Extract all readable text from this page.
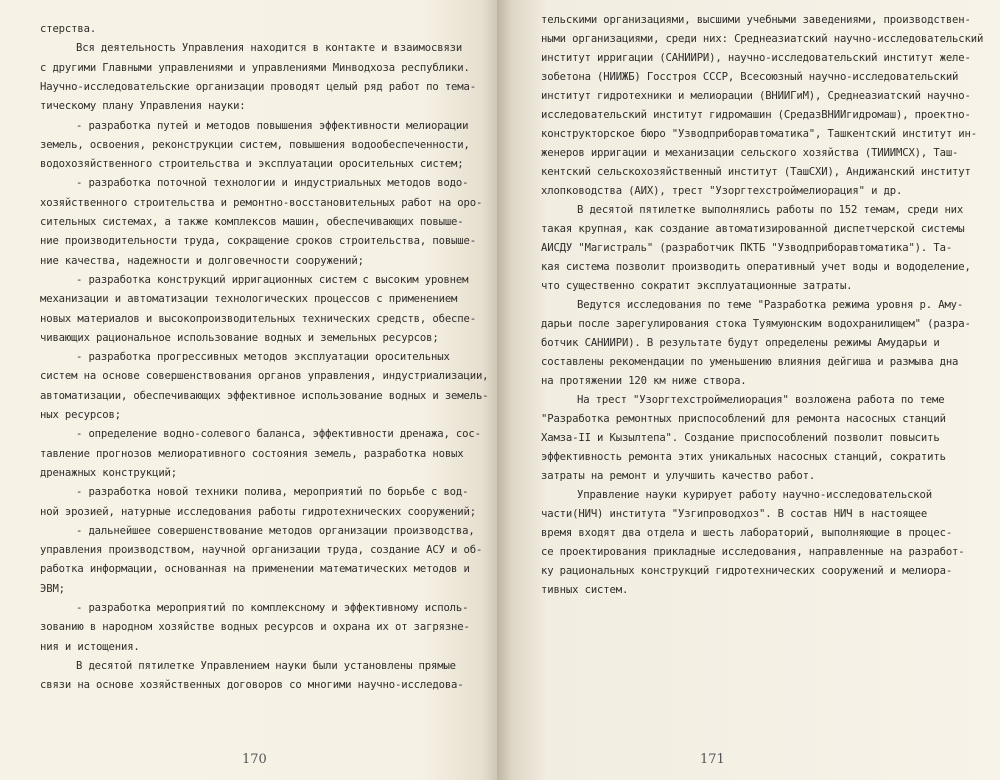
стерства.
Вся деятельность Управления находится в контакте и взаимосвязи
с другими Главными управлениями и управлениями Минводхоза республики.
Научно-исследовательские организации проводят целый ряд работ по тема-
тическому плану Управления науки:
- разработка путей и методов повышения эффективности мелиорации
земель, освоения, реконструкции систем, повышения водообеспеченности,
водохозяйственного строительства и эксплуатации оросительных систем;
- разработка поточной технологии и индустриальных методов водо-
хозяйственного строительства и ремонтно-восстановительных работ на оро-
сительных системах, а также комплексов машин, обеспечивающих повыше-
ние производительности труда, сокращение сроков строительства, повыше-
ние качества, надежности и долговечности сооружений;
- разработка конструкций ирригационных систем с высоким уровнем
механизации и автоматизации технологических процессов с применением
новых материалов и высокопроизводительных технических средств, обеспе-
чивающих рациональное использование водных и земельных ресурсов;
- разработка прогрессивных методов эксплуатации оросительных
систем на основе совершенствования органов управления, индустриализации,
автоматизации, обеспечивающих эффективное использование водных и земель-
ных ресурсов;
- определение водно-солевого баланса, эффективности дренажа, сос-
тавление прогнозов мелиоративного состояния земель, разработка новых
дренажных конструкций;
- разработка новой техники полива, мероприятий по борьбе с вод-
ной эрозией, натурные исследования работы гидротехнических сооружений;
- дальнейшее совершенствование методов организации производства,
управления производством, научной организации труда, создание АСУ и об-
работка информации, основанная на применении математических методов и
ЭВМ;
- разработка мероприятий по комплексному и эффективному исполь-
зованию в народном хозяйстве водных ресурсов и охрана их от загрязне-
ния и истощения.
В десятой пятилетке Управлением науки были установлены прямые
связи на основе хозяйственных договоров со многими научно-исследова-
170
тельскими организациями, высшими учебными заведениями, производствен-
ными организациями, среди них: Среднеазиатский научно-исследовательский
институт ирригации (САНИИРИ), научно-исследовательский институт желе-
зобетона (НИИЖБ) Госстроя СССР, Всесоюзный научно-исследовательский
институт гидротехники и мелиорации (ВНИИГиМ), Среднеазиатский научно-
исследовательский институт гидромашин (СредазВНИИгидромаш), проектно-
конструкторское бюро "Узводприборавтоматика", Ташкентский институт ин-
женеров ирригации и механизации сельского хозяйства (ТИИИМСХ), Таш-
кентский сельскохозяйственный институт (ТашСХИ), Андижанский институт
хлопководства (АИХ), трест "Узоргтехстроймелиорация" и др.
В десятой пятилетке выполнялись работы по 152 темам, среди них
такая крупная, как создание автоматизированной диспетчерской системы
АИСДУ "Магистраль" (разработчик ПКТБ "Узводприборавтоматика"). Та-
кая система позволит производить оперативный учет воды и вододеление,
что существенно сократит эксплуатационные затраты.
Ведутся исследования по теме "Разработка режима уровня р. Аму-
дарьи после зарегулирования стока Туямуюнским водохранилищем" (разра-
ботчик САНИИРИ). В результате будут определены режимы Амударьи и
составлены рекомендации по уменьшению влияния дейгиша и размыва дна
на протяжении 120 км ниже створа.
На трест "Узоргтехстроймелиорация" возложена работа по теме
"Разработка ремонтных приспособлений для ремонта насосных станций
Хамза-II и Кызылтепа". Создание приспособлений позволит повысить
эффективность ремонта этих уникальных насосных станций, сократить
затраты на ремонт и улучшить качество работ.
Управление науки курирует работу научно-исследовательской
части(НИЧ) института "Узгипроводхоз". В состав НИЧ в настоящее
время входят два отдела и шесть лабораторий, выполняющие в процес-
се проектирования прикладные исследования, направленные на разработ-
ку рациональных конструкций гидротехнических сооружений и мелиора-
тивных систем.
171
